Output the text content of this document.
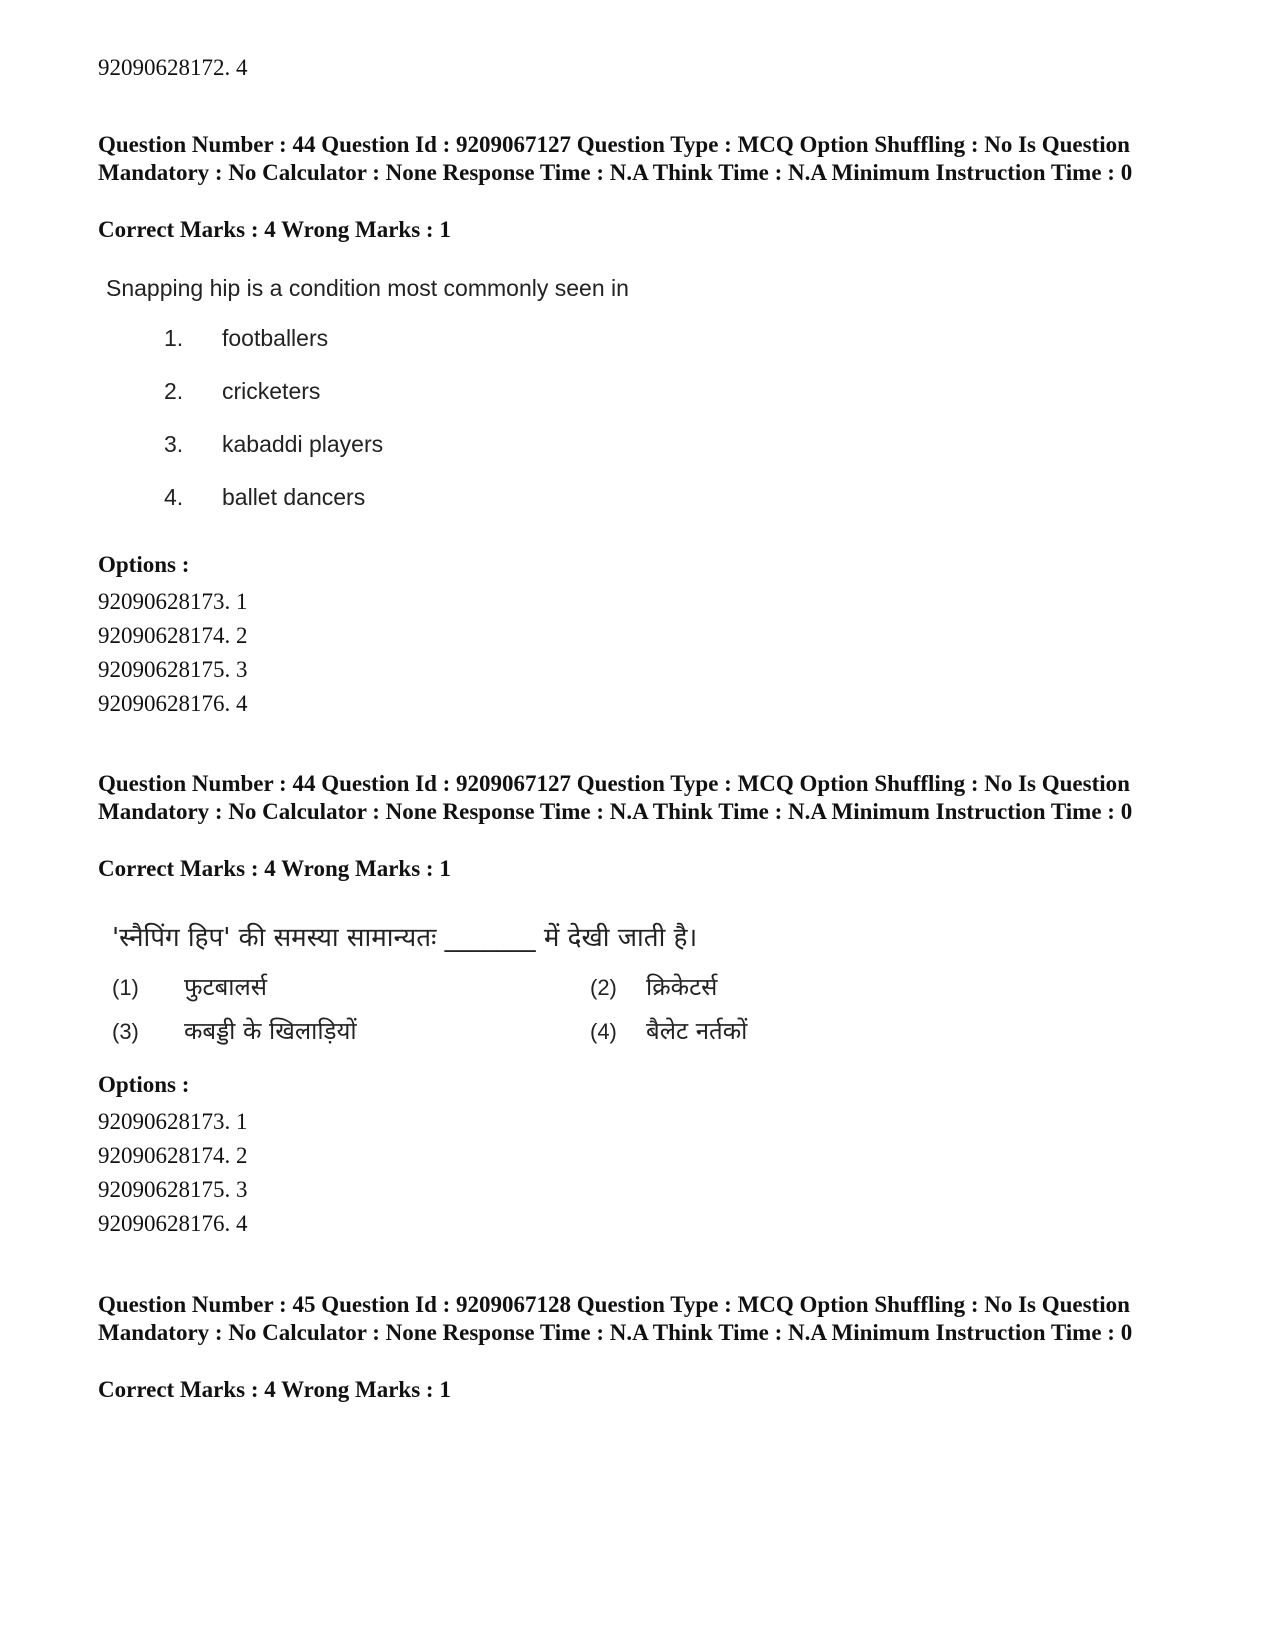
92090628172. 4
Question Number : 44 Question Id : 9209067127 Question Type : MCQ Option Shuffling : No Is Question Mandatory : No Calculator : None Response Time : N.A Think Time : N.A Minimum Instruction Time : 0
Correct Marks : 4 Wrong Marks : 1
Snapping hip is a condition most commonly seen in
1.	footballers
2.	cricketers
3.	kabaddi players
4.	ballet dancers
Options :
92090628173. 1
92090628174. 2
92090628175. 3
92090628176. 4
Question Number : 44 Question Id : 9209067127 Question Type : MCQ Option Shuffling : No Is Question Mandatory : No Calculator : None Response Time : N.A Think Time : N.A Minimum Instruction Time : 0
Correct Marks : 4 Wrong Marks : 1
'स्नैपिंग हिप' की समस्या सामान्यतः _______ में देखी जाती है।
(1) फुटबालर्स	(2) क्रिकेटर्स
(3) कबड्डी के खिलाड़ियों	(4) बैलेट नर्तकों
Options :
92090628173. 1
92090628174. 2
92090628175. 3
92090628176. 4
Question Number : 45 Question Id : 9209067128 Question Type : MCQ Option Shuffling : No Is Question Mandatory : No Calculator : None Response Time : N.A Think Time : N.A Minimum Instruction Time : 0
Correct Marks : 4 Wrong Marks : 1
